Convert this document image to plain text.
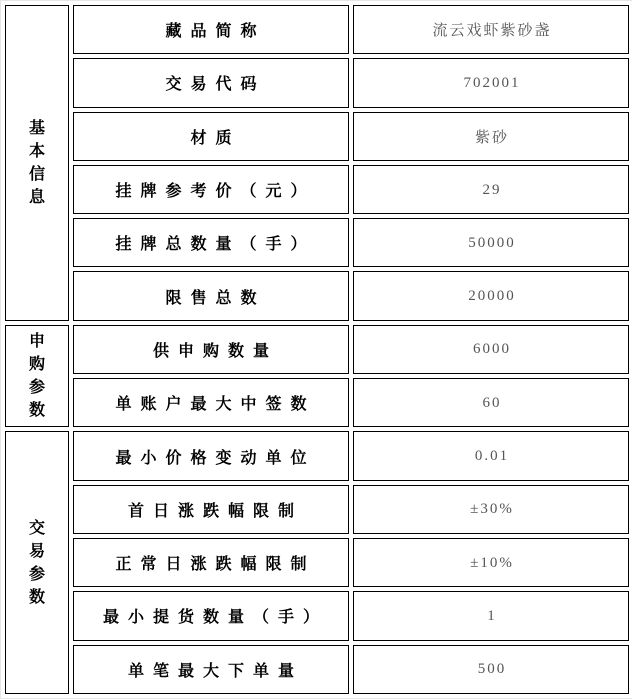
基本信息	藏品简称	流云戏虾紫砂盏
	交易代码	702001
	材质	紫砂
	挂牌参考价（元）	29
	挂牌总数量（手）	50000
	限售总数	20000

申购参数	供申购数量	6000
	单账户最大中签数	60

交易参数	最小价格变动单位	0.01
	首日涨跌幅限制	±30%
	正常日涨跌幅限制	±10%
	最小提货数量（手）	1
	单笔最大下单量	500
